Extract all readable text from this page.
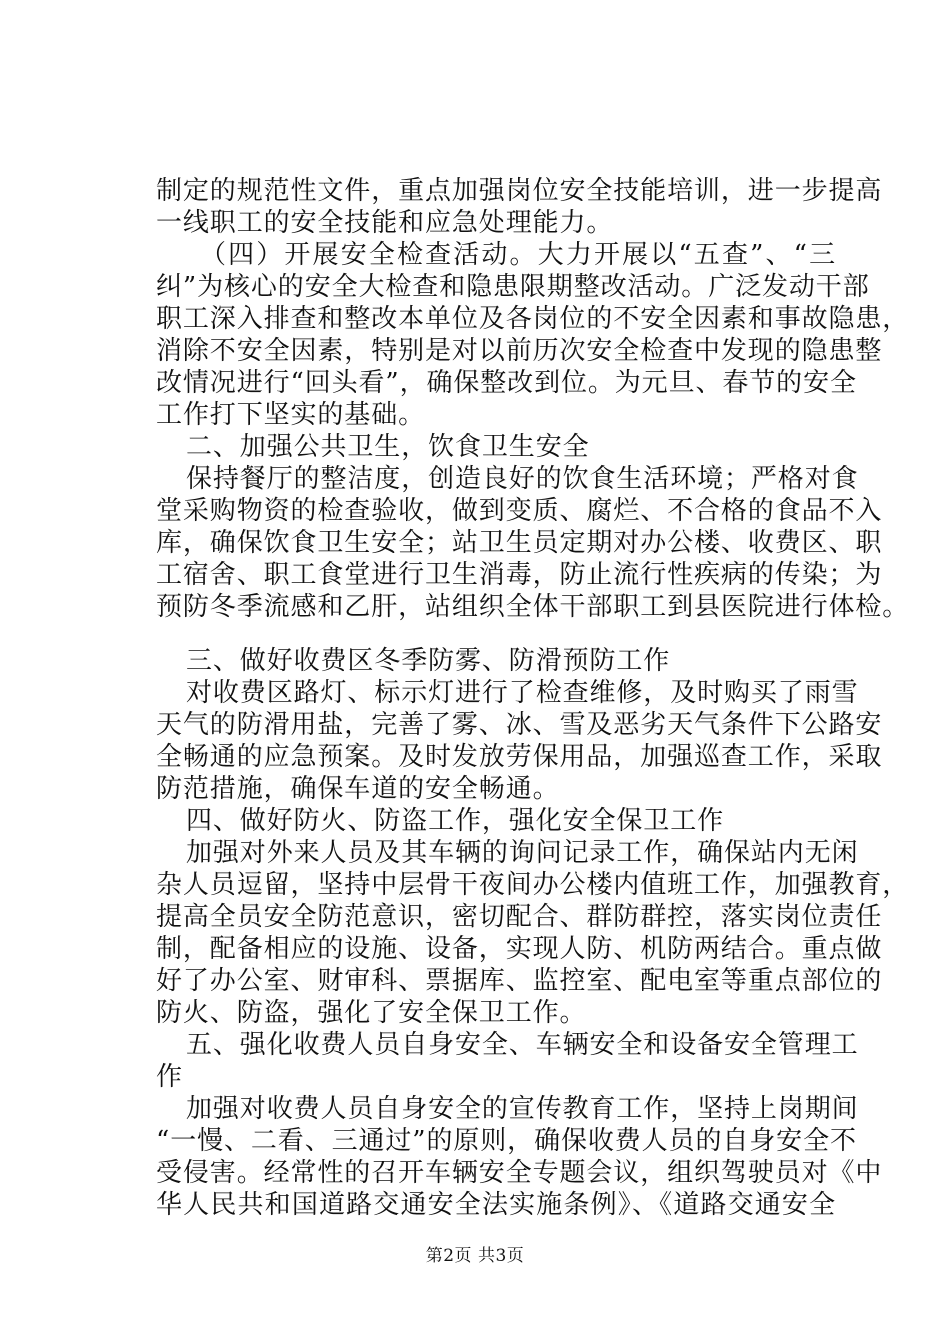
制定的规范性文件，重点加强岗位安全技能培训，进一步提高
一线职工的安全技能和应急处理能力。
（四）开展安全检查活动。大力开展以“五查”、“三
纠”为核心的安全大检查和隐患限期整改活动。广泛发动干部
职工深入排查和整改本单位及各岗位的不安全因素和事故隐患，
消除不安全因素，特别是对以前历次安全检查中发现的隐患整
改情况进行“回头看”，确保整改到位。为元旦、春节的安全
工作打下坚实的基础。
二、加强公共卫生，饮食卫生安全
保持餐厅的整洁度，创造良好的饮食生活环境；严格对食
堂采购物资的检查验收，做到变质、腐烂、不合格的食品不入
库，确保饮食卫生安全；站卫生员定期对办公楼、收费区、职
工宿舍、职工食堂进行卫生消毒，防止流行性疾病的传染；为
预防冬季流感和乙肝，站组织全体干部职工到县医院进行体检。
三、做好收费区冬季防雾、防滑预防工作
对收费区路灯、标示灯进行了检查维修，及时购买了雨雪
天气的防滑用盐，完善了雾、冰、雪及恶劣天气条件下公路安
全畅通的应急预案。及时发放劳保用品，加强巡查工作，采取
防范措施，确保车道的安全畅通。
四、做好防火、防盗工作，强化安全保卫工作
加强对外来人员及其车辆的询问记录工作，确保站内无闲
杂人员逗留，坚持中层骨干夜间办公楼内值班工作，加强教育，
提高全员安全防范意识，密切配合、群防群控，落实岗位责任
制，配备相应的设施、设备，实现人防、机防两结合。重点做
好了办公室、财审科、票据库、监控室、配电室等重点部位的
防火、防盗，强化了安全保卫工作。
五、强化收费人员自身安全、车辆安全和设备安全管理工
作
加强对收费人员自身安全的宣传教育工作，坚持上岗期间
“一慢、二看、三通过”的原则，确保收费人员的自身安全不
受侵害。经常性的召开车辆安全专题会议，组织驾驶员对《中
华人民共和国道路交通安全法实施条例》、《道路交通安全
第2页 共3页
